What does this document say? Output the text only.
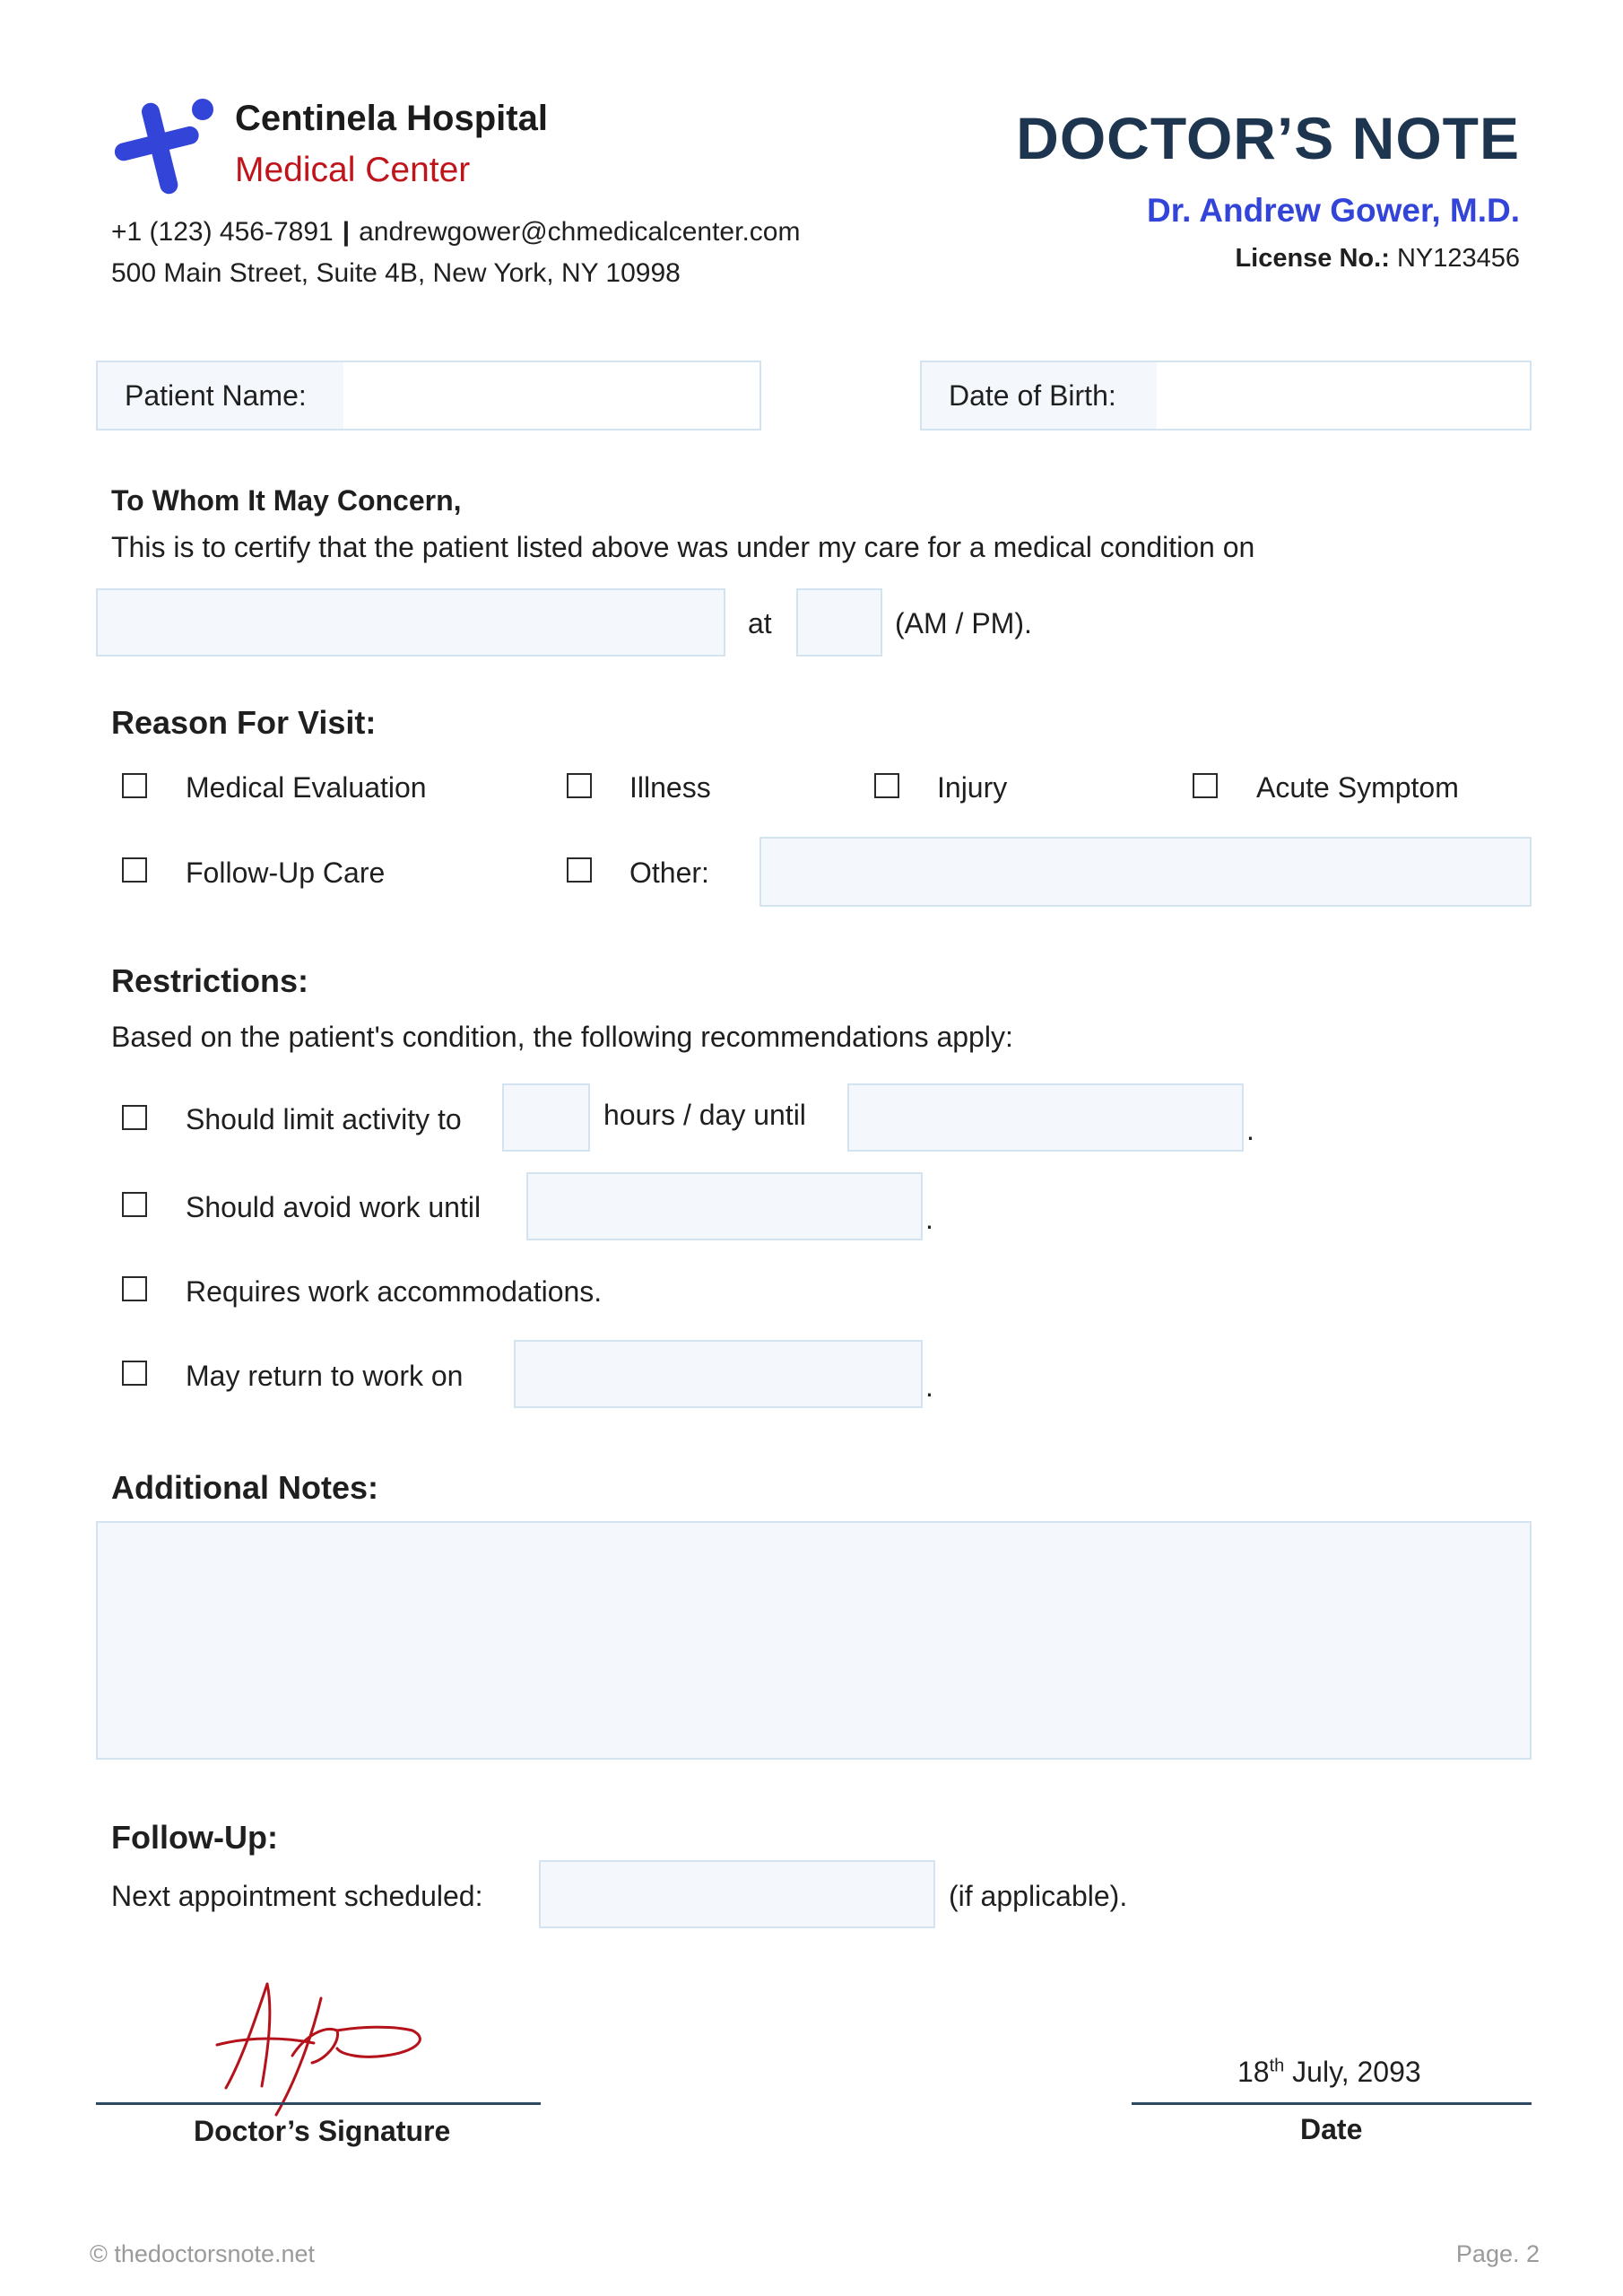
Centinela Hospital
Medical Center
+1 (123) 456-7891 | andrewgower@chmedicalcenter.com
500 Main Street, Suite 4B, New York, NY 10998
DOCTOR’S NOTE
Dr. Andrew Gower, M.D.
License No.: NY123456
Patient Name:	Date of Birth:
To Whom It May Concern,
This is to certify that the patient listed above was under my care for a medical condition on
at	(AM / PM).
Reason For Visit:
Medical Evaluation	Illness	Injury	Acute Symptom
Follow-Up Care	Other:
Restrictions:
Based on the patient's condition, the following recommendations apply:
Should limit activity to	hours / day until	.
Should avoid work until	.
Requires work accommodations.
May return to work on	.
Additional Notes:
Follow-Up:
Next appointment scheduled:	(if applicable).
Doctor’s Signature
18th July, 2093
Date
© thedoctorsnote.net	Page. 2
